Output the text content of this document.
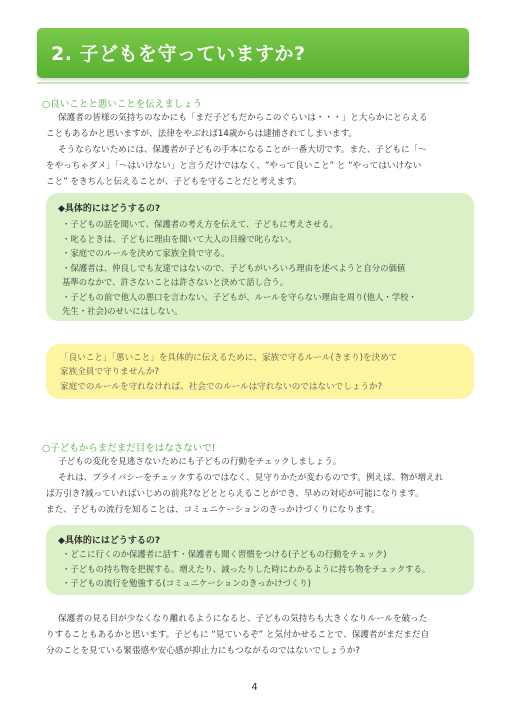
2. 子どもを守っていますか?
○良いことと悪いことを伝えましょう
保護者の皆様の気持ちのなかにも「まだ子どもだからこのぐらいは・・・」と大らかにとらえる
こともあるかと思いますが、法律をやぶれば14歳からは逮捕されてしまいます。
そうならないためには、保護者が子どもの手本になることが一番大切です。また、子どもに「〜
をやっちゃダメ」「〜はいけない」と言うだけではなく、“やって良いこと” と “やってはいけない
こと” をきちんと伝えることが、子どもを守ることだと考えます。
◆具体的にはどうするの?
・子どもの話を聞いて、保護者の考え方を伝えて、子どもに考えさせる。
・叱るときは、子どもに理由を聞いて大人の目線で叱らない。
・家庭でのルールを決めて家族全員で守る。
・保護者は、仲良しでも友達ではないので、子どもがいろいろ理由を述べようと自分の価値
基準のなかで、許さないことは許さないと決めて話し合う。
・子どもの前で他人の悪口を言わない。子どもが、ルールを守らない理由を周り(他人・学校・
先生・社会)のせいにはしない。
「良いこと」「悪いこと」を具体的に伝えるために、家族で守るルール(きまり)を決めて
家族全員で守りませんか?
家庭でのルールを守れなければ、社会でのルールは守れないのではないでしょうか?
○子どもからまだまだ目をはなさないで!
子どもの変化を見逃さないためにも子どもの行動をチェックしましょう。
それは、プライバシーをチェックするのではなく、見守りかたが変わるのです。例えば、物が増えれ
ば万引き?減っていればいじめの前兆?などととらえることができ、早めの対応が可能になります。
また、子どもの流行を知ることは、コミュニケーションのきっかけづくりになります。
◆具体的にはどうするの?
・どこに行くのか保護者に話す・保護者も聞く習慣をつける(子どもの行動をチェック)
・子どもの持ち物を把握する。増えたり、減ったりした時にわかるように持ち物をチェックする。
・子どもの流行を勉強する(コミュニケーションのきっかけづくり)
保護者の見る目が少なくなり離れるようになると、子どもの気持ちも大きくなりルールを破った
りすることもあるかと思います。子どもに “見ているぞ” と気付かせることで、保護者がまだまだ自
分のことを見ている緊張感や安心感が抑止力にもつながるのではないでしょうか?
4
